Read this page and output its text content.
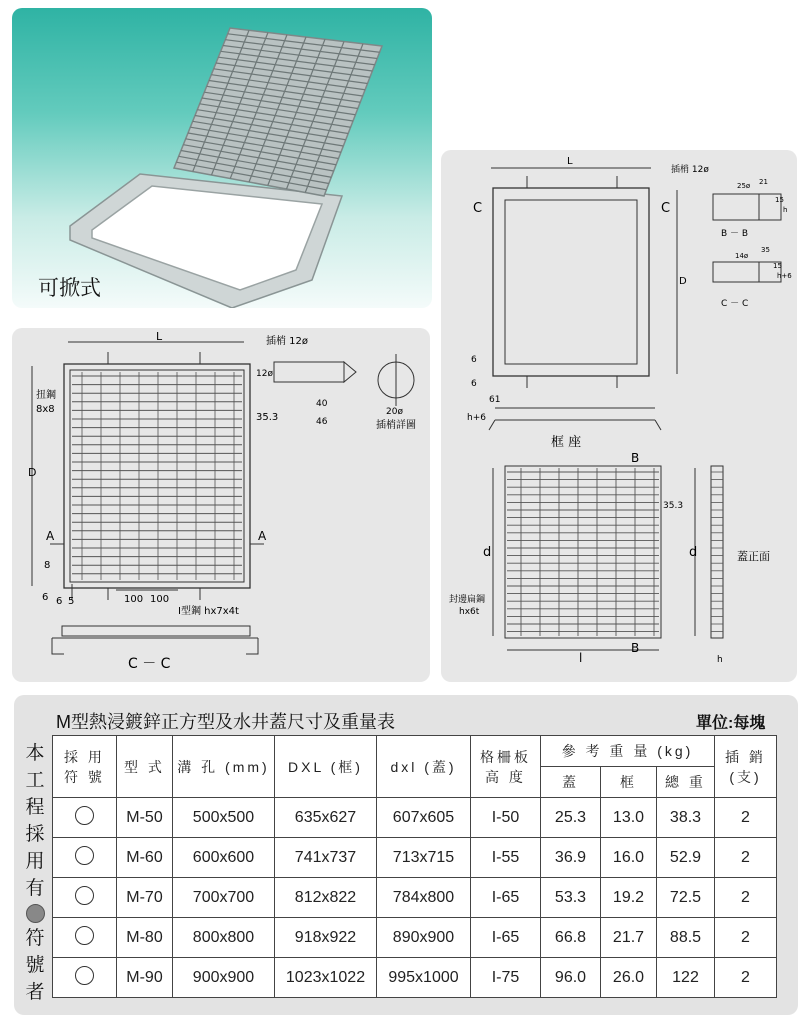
可掀式
L	插梢 12ø
扭鋼
8x8
D
12ø
40
46
20ø
插梢詳圖
35.3
A	A
8
6 6 5	100 100
I型鋼 hx7x4t
C － C
L
插梢 12ø
C	C
D
25ø 21
15
h
B － B
14ø
35
15
h+6
C － C
6
6
61
h+6
框 座
B
B
d
l
35.3
封邊扁鋼
hx6t
d	蓋正面
h
M型熱浸鍍鋅正方型及水井蓋尺寸及重量表	單位:每塊
本
工
程
採
用
有
符
號
者
採 用 符 號	型 式	溝 孔 (mm)	DXL (框)	dxl (蓋)	格柵板 高 度	參 考 重 量 (kg)			插 銷 (支)
						蓋	框	總 重	
	M-50	500x500	635x627	607x605	I-50	25.3	13.0	38.3	2
	M-60	600x600	741x737	713x715	I-55	36.9	16.0	52.9	2
	M-70	700x700	812x822	784x800	I-65	53.3	19.2	72.5	2
	M-80	800x800	918x922	890x900	I-65	66.8	21.7	88.5	2
	M-90	900x900	1023x1022	995x1000	I-75	96.0	26.0	122	2
